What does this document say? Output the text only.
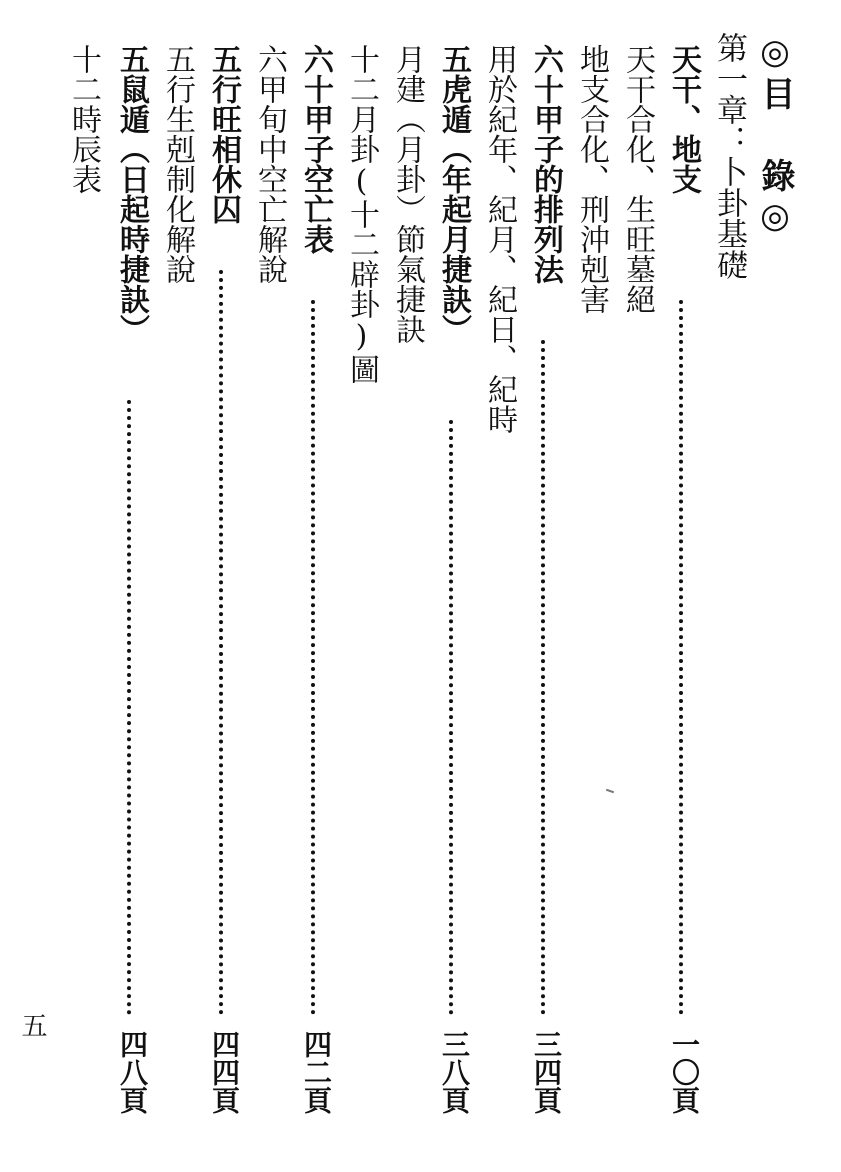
◎目 錄◎
第一章：卜卦基礎
天干、地支
一〇頁
天干合化、生旺墓絕
地支合化、刑沖剋害
六十甲子的排列法
三四頁
用於紀年、紀月、紀日、紀時
五虎遁（年起月捷訣）
三八頁
月建（月卦）節氣捷訣
十二月卦(十二辟卦)圖
六十甲子空亡表
四二頁
六甲旬中空亡解說
五行旺相休囚
四四頁
五行生剋制化解說
五鼠遁（日起時捷訣）
四八頁
十二時辰表
五
